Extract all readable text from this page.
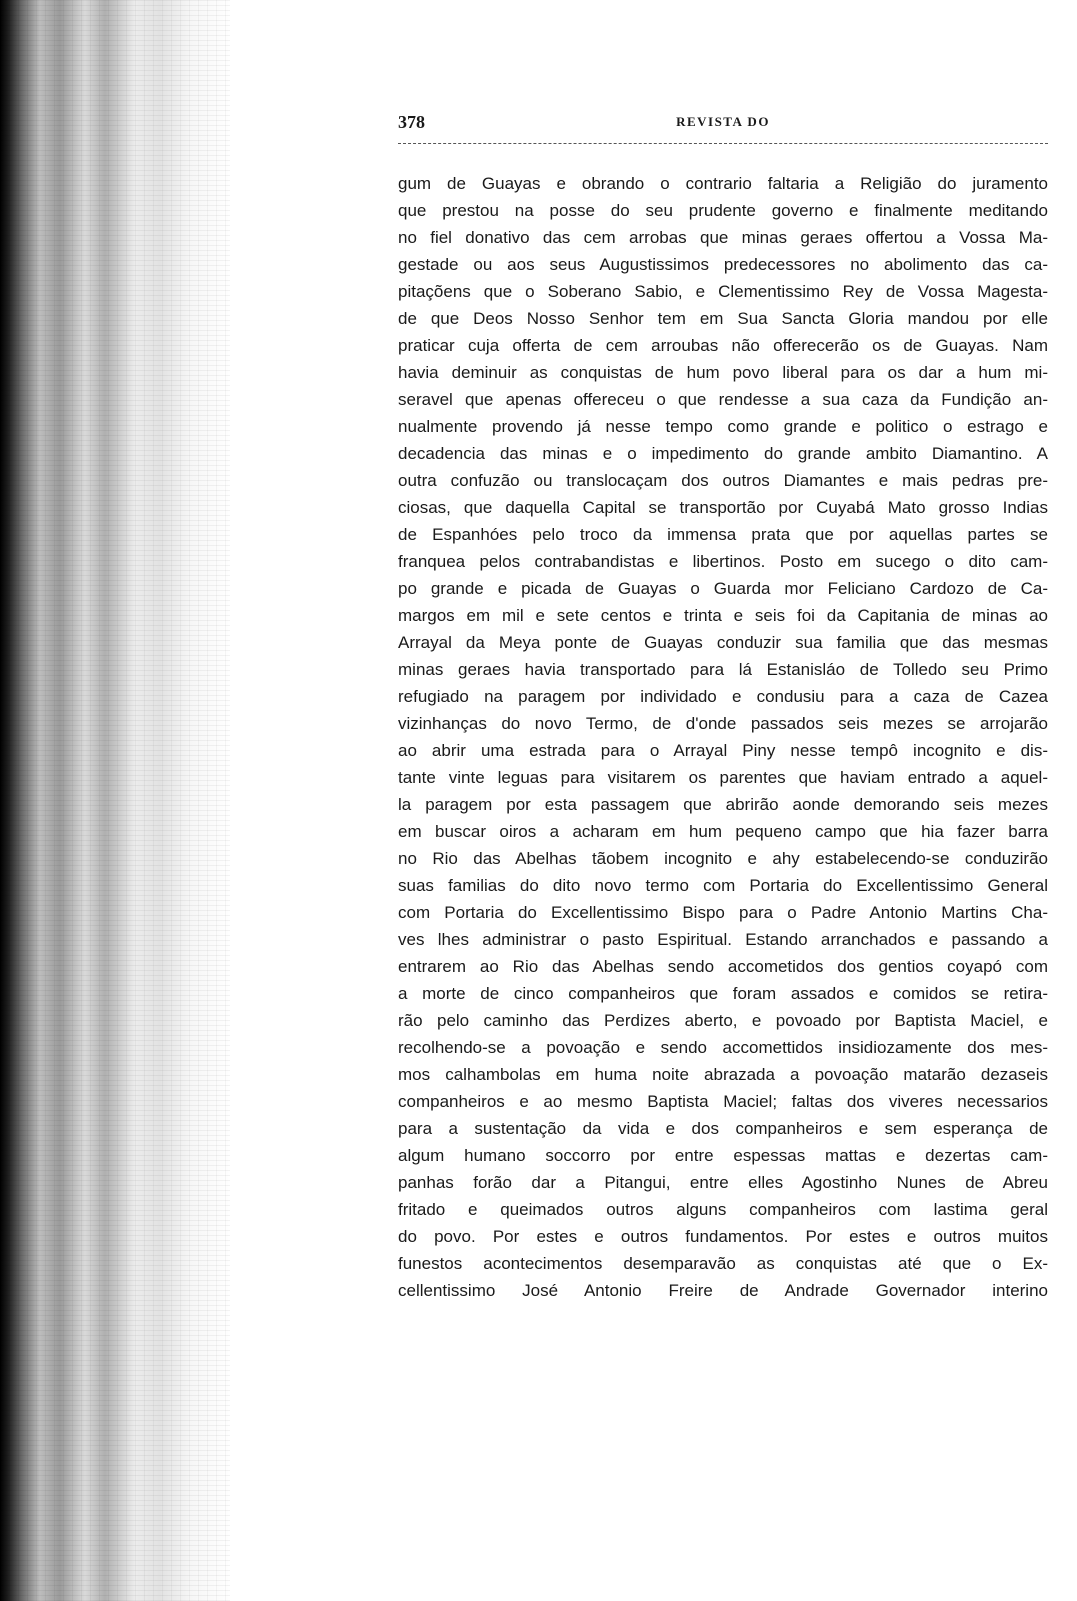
378	REVISTA DO
gum de Guayas e obrando o contrario faltaria a Religião do juramento
que prestou na posse do seu prudente governo e finalmente meditando
no fiel donativo das cem arrobas que minas geraes offertou a Vossa Ma-
gestade ou aos seus Augustissimos predecessores no abolimento das ca-
pitaçõens que o Soberano Sabio, e Clementissimo Rey de Vossa Magesta-
de que Deos Nosso Senhor tem em Sua Sancta Gloria mandou por elle
praticar cuja offerta de cem arroubas não offerecerão os de Guayas. Nam
havia deminuir as conquistas de hum povo liberal para os dar a hum mi-
seravel que apenas offereceu o que rendesse a sua caza da Fundição an-
nualmente provendo já nesse tempo como grande e politico o estrago e
decadencia das minas e o impedimento do grande ambito Diamantino. A
outra confuzão ou translocaçam dos outros Diamantes e mais pedras pre-
ciosas, que daquella Capital se transportão por Cuyabá Mato grosso Indias
de Espanhóes pelo troco da immensa prata que por aquellas partes se
franquea pelos contrabandistas e libertinos. Posto em sucego o dito cam-
po grande e picada de Guayas o Guarda mor Feliciano Cardozo de Ca-
margos em mil e sete centos e trinta e seis foi da Capitania de minas ao
Arrayal da Meya ponte de Guayas conduzir sua familia que das mesmas
minas geraes havia transportado para lá Estanisláo de Tolledo seu Primo
refugiado na paragem por individado e condusiu para a caza de Cazea
vizinhanças do novo Termo, de d'onde passados seis mezes se arrojarão
ao abrir uma estrada para o Arrayal Piny nesse tempô incognito e dis-
tante vinte leguas para visitarem os parentes que haviam entrado a aquel-
la paragem por esta passagem que abrirão aonde demorando seis mezes
em buscar oiros a acharam em hum pequeno campo que hia fazer barra
no Rio das Abelhas tãobem incognito e ahy estabelecendo-se conduzirão
suas familias do dito novo termo com Portaria do Excellentissimo General
com Portaria do Excellentissimo Bispo para o Padre Antonio Martins Cha-
ves lhes administrar o pasto Espiritual. Estando arranchados e passando a
entrarem ao Rio das Abelhas sendo accometidos dos gentios coyapó com
a morte de cinco companheiros que foram assados e comidos se retira-
rão pelo caminho das Perdizes aberto, e povoado por Baptista Maciel, e
recolhendo-se a povoação e sendo accomettidos insidiozamente dos mes-
mos calhambolas em huma noite abrazada a povoação matarão dezaseis
companheiros e ao mesmo Baptista Maciel; faltas dos viveres necessarios
para a sustentação da vida e dos companheiros e sem esperança de
algum humano soccorro por entre espessas mattas e dezertas cam-
panhas forão dar a Pitangui, entre elles Agostinho Nunes de Abreu
fritado e queimados outros alguns companheiros com lastima geral
do povo. Por estes e outros fundamentos. Por estes e outros muitos
funestos acontecimentos desemparavão as conquistas até que o Ex-
cellentissimo José Antonio Freire de Andrade Governador interino
